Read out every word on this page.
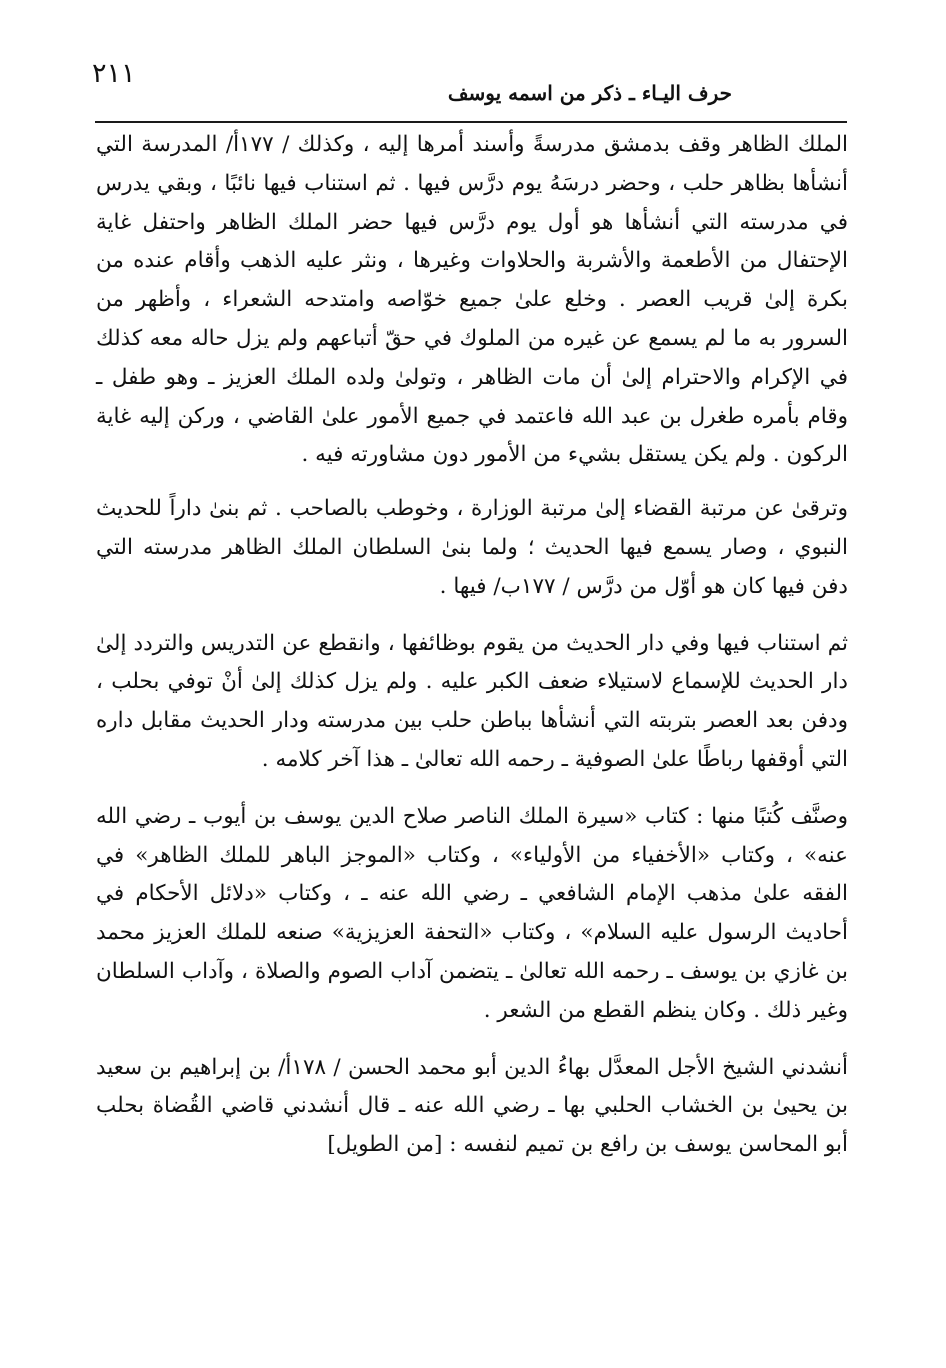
٢١١
حرف اليـاء ـ ذكر من اسمه يوسف

الملك الظاهر وقف بدمشق مدرسةً وأسند أمرها إليه ، وكذلك / ١٧٧أ/ المدرسة التي أنشأها بظاهر حلب ، وحضر درسَهُ يوم درَّس فيها . ثم استناب فيها نائبًا ، وبقي يدرس في مدرسته التي أنشأها هو أول يوم درَّس فيها حضر الملك الظاهر واحتفل غاية الإحتفال من الأطعمة والأشربة والحلاوات وغيرها ، ونثر عليه الذهب وأقام عنده من بكرة إلىٰ قريب العصر . وخلع علىٰ جميع خوّاصه وامتدحه الشعراء ، وأظهر من السرور به ما لم يسمع عن غيره من الملوك في حقّ أتباعهم ولم يزل حاله معه كذلك في الإكرام والاحترام إلىٰ أن مات الظاهر ، وتولىٰ ولده الملك العزيز ـ وهو طفل ـ وقام بأمره طغرل بن عبد الله فاعتمد في جميع الأمور علىٰ القاضي ، وركن إليه غاية الركون . ولم يكن يستقل بشيء من الأمور دون مشاورته فيه .

وترقىٰ عن مرتبة القضاء إلىٰ مرتبة الوزارة ، وخوطب بالصاحب . ثم بنىٰ داراً للحديث النبوي ، وصار يسمع فيها الحديث ؛ ولما بنىٰ السلطان الملك الظاهر مدرسته التي دفن فيها كان هو أوّل من درَّس / ١٧٧ب/ فيها .

ثم استناب فيها وفي دار الحديث من يقوم بوظائفها ، وانقطع عن التدريس والتردد إلىٰ دار الحديث للإسماع لاستيلاء ضعف الكبر عليه . ولم يزل كذلك إلىٰ أنْ توفي بحلب ، ودفن بعد العصر بتربته التي أنشأها بباطن حلب بين مدرسته ودار الحديث مقابل داره التي أوقفها رباطًا علىٰ الصوفية ـ رحمه الله تعالىٰ ـ هذا آخر كلامه .

وصنَّف كُتبًا منها : كتاب «سيرة الملك الناصر صلاح الدين يوسف بن أيوب ـ رضي الله عنه» ، وكتاب «الأخفياء من الأولياء» ، وكتاب «الموجز الباهر للملك الظاهر» في الفقه علىٰ مذهب الإمام الشافعي ـ رضي الله عنه ـ ، وكتاب «دلائل الأحكام في أحاديث الرسول عليه السلام» ، وكتاب «التحفة العزيزية» صنعه للملك العزيز محمد بن غازي بن يوسف ـ رحمه الله تعالىٰ ـ يتضمن آداب الصوم والصلاة ، وآداب السلطان وغير ذلك . وكان ينظم القطع من الشعر .

أنشدني الشيخ الأجل المعدَّل بهاءُ الدين أبو محمد الحسن / ١٧٨أ/ بن إبراهيم بن سعيد بن يحيىٰ بن الخشاب الحلبي بها ـ رضي الله عنه ـ قال أنشدني قاضي القُضاة بحلب أبو المحاسن يوسف بن رافع بن تميم لنفسه : [من الطويل]
